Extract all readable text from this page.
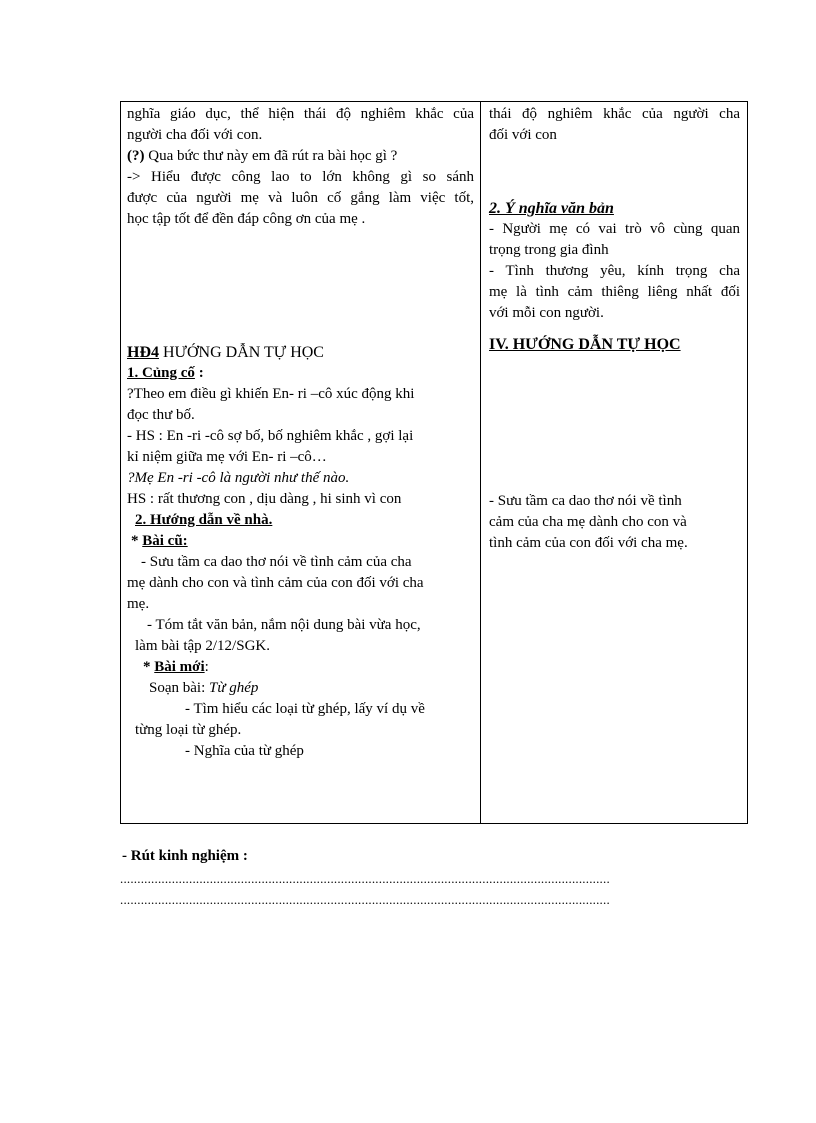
nghĩa giáo dục, thể hiện thái độ nghiêm khắc của
người cha đối với con.
(?) Qua bức thư này em đã rút ra bài học gì ?
-> Hiểu được công lao to lớn không gì so sánh
được của người mẹ và luôn cố gắng làm việc tốt,
học tập tốt để đền đáp công ơn của mẹ .
HĐ4 HƯỚNG DẪN TỰ HỌC
1. Củng cố :
?Theo em điều gì khiến En- ri –cô xúc động khi
đọc thư bố.
- HS : En -ri -cô sợ bố, bố nghiêm khắc , gợi lại
kỉ niệm giữa mẹ với En- ri –cô…
?Mẹ En -ri -cô là người như thế nào.
HS : rất thương con , dịu dàng , hi sinh vì con
2. Hướng dẫn về nhà.
* Bài cũ:
- Sưu tầm ca dao thơ nói về tình cảm của cha
mẹ dành cho con và tình cảm của con đối với cha
mẹ.
- Tóm tắt văn bản, nắm nội dung bài vừa học,
làm bài tập 2/12/SGK.
* Bài mới:
Soạn bài: Từ ghép
- Tìm hiểu các loại từ ghép, lấy ví dụ về
từng loại từ ghép.
- Nghĩa của từ ghép
thái độ nghiêm khắc của người cha
đối với con
2. Ý nghĩa văn bản
- Người mẹ có vai trò vô cùng quan
trọng trong gia đình
- Tình thương yêu, kính trọng cha
mẹ là tình cảm thiêng liêng nhất đối
với mỗi con người.
IV. HƯỚNG DẪN TỰ HỌC
- Sưu tầm ca dao thơ nói về tình
cảm của cha mẹ dành cho con và
tình cảm của con đối với cha mẹ.
- Rút kinh nghiệm :
..............................................................................................................................................
..............................................................................................................................................
